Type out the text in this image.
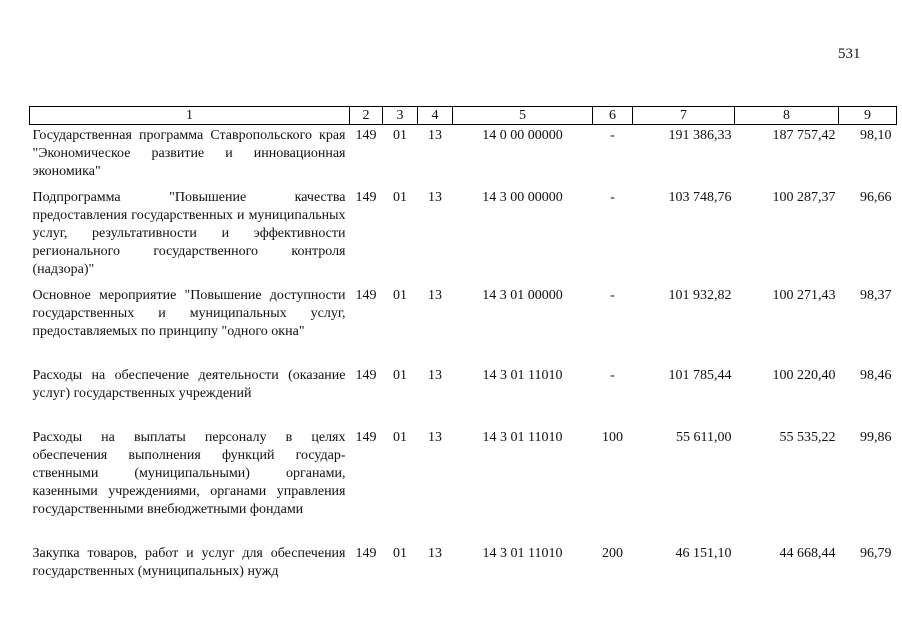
531
1	2	3	4	5	6	7	8	9
Государственная программа Ставропольского края "Экономическое развитие и инновационная экономика"	149	01	13	14 0 00 00000	-	191 386,33	187 757,42	98,10
Подпрограмма "Повышение качества предоставления государственных и муниципальных услуг, результативности и эффективности регионального государственного контроля (надзора)"	149	01	13	14 3 00 00000	-	103 748,76	100 287,37	96,66
Основное мероприятие "Повышение доступности государственных и муниципальных услуг, предоставляемых по принципу "одного окна"	149	01	13	14 3 01 00000	-	101 932,82	100 271,43	98,37
Расходы на обеспечение деятельности (оказание услуг) государственных учреждений	149	01	13	14 3 01 11010	-	101 785,44	100 220,40	98,46
Расходы на выплаты персоналу в целях обеспечения выполнения функций государственными (муниципальными) органами, казенными учреждениями, органами управления государственными внебюджетными фондами	149	01	13	14 3 01 11010	100	55 611,00	55 535,22	99,86
Закупка товаров, работ и услуг для обеспечения государственных (муниципальных) нужд	149	01	13	14 3 01 11010	200	46 151,10	44 668,44	96,79
